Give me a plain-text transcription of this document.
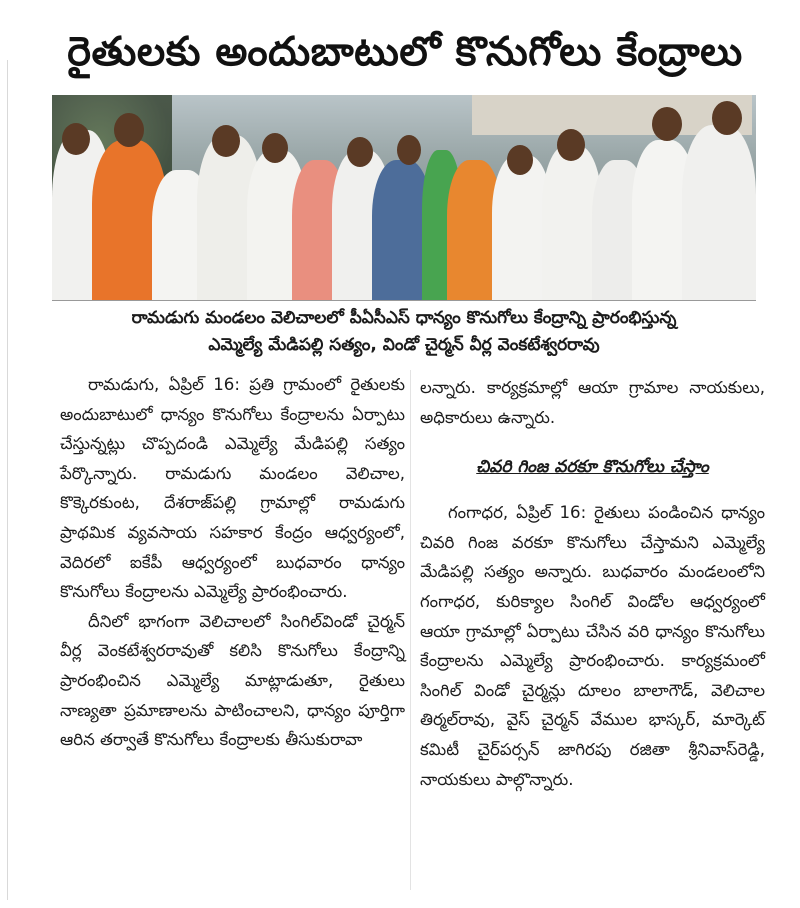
రైతులకు అందుబాటులో కొనుగోలు కేంద్రాలు
రామడుగు మండలం వెలిచాలలో పీఏసీఎస్ ధాన్యం కొనుగోలు కేంద్రాన్ని ప్రారంభిస్తున్న
ఎమ్మెల్యే మేడిపల్లి సత్యం, విండో చైర్మన్ వీర్ల వెంకటేశ్వరరావు

రామడుగు, ఏప్రిల్ 16: ప్రతి గ్రామంలో రైతులకు అందుబాటులో ధాన్యం కొనుగోలు కేంద్రాలను ఏర్పాటు చేస్తున్నట్లు చొప్పదండి ఎమ్మెల్యే మేడిపల్లి సత్యం పేర్కొన్నారు. రామడుగు మండలం వెలిచాల, కొక్కెరకుంట, దేశరాజ్‌పల్లి గ్రామాల్లో రామడుగు ప్రాథమిక వ్యవసాయ సహకార కేంద్రం ఆధ్వర్యంలో, వెదిరలో ఐకేపీ ఆధ్వర్యంలో బుధవారం ధాన్యం కొనుగోలు కేంద్రాలను ఎమ్మెల్యే ప్రారంభించారు.

దీనిలో భాగంగా వెలిచాలలో సింగిల్‌విండో చైర్మన్ వీర్ల వెంకటేశ్వరరావుతో కలిసి కొనుగోలు కేంద్రాన్ని ప్రారంభించిన ఎమ్మెల్యే మాట్లాడుతూ, రైతులు నాణ్యతా ప్రమాణాలను పాటించాలని, ధాన్యం పూర్తిగా ఆరిన తర్వాతే కొనుగోలు కేంద్రాలకు తీసుకురావా

లన్నారు. కార్యక్రమాల్లో ఆయా గ్రామాల నాయకులు, అధికారులు ఉన్నారు.

చివరి గింజ వరకూ కొనుగోలు చేస్తాం

గంగాధర, ఏప్రిల్ 16: రైతులు పండించిన ధాన్యం చివరి గింజ వరకూ కొనుగోలు చేస్తామని ఎమ్మెల్యే మేడిపల్లి సత్యం అన్నారు. బుధవారం మండలంలోని గంగాధర, కురిక్యాల సింగిల్ విండోల ఆధ్వర్యంలో ఆయా గ్రామాల్లో ఏర్పాటు చేసిన వరి ధాన్యం కొనుగోలు కేంద్రాలను ఎమ్మెల్యే ప్రారంభించారు. కార్యక్రమంలో సింగిల్ విండో చైర్మన్లు దూలం బాలాగౌడ్, వెలిచాల తిర్మల్‌రావు, వైస్ చైర్మన్ వేముల భాస్కర్, మార్కెట్ కమిటీ చైర్‌పర్సన్ జాగిరపు రజితా శ్రీనివాస్‌రెడ్డి, నాయకులు పాల్గొన్నారు.
